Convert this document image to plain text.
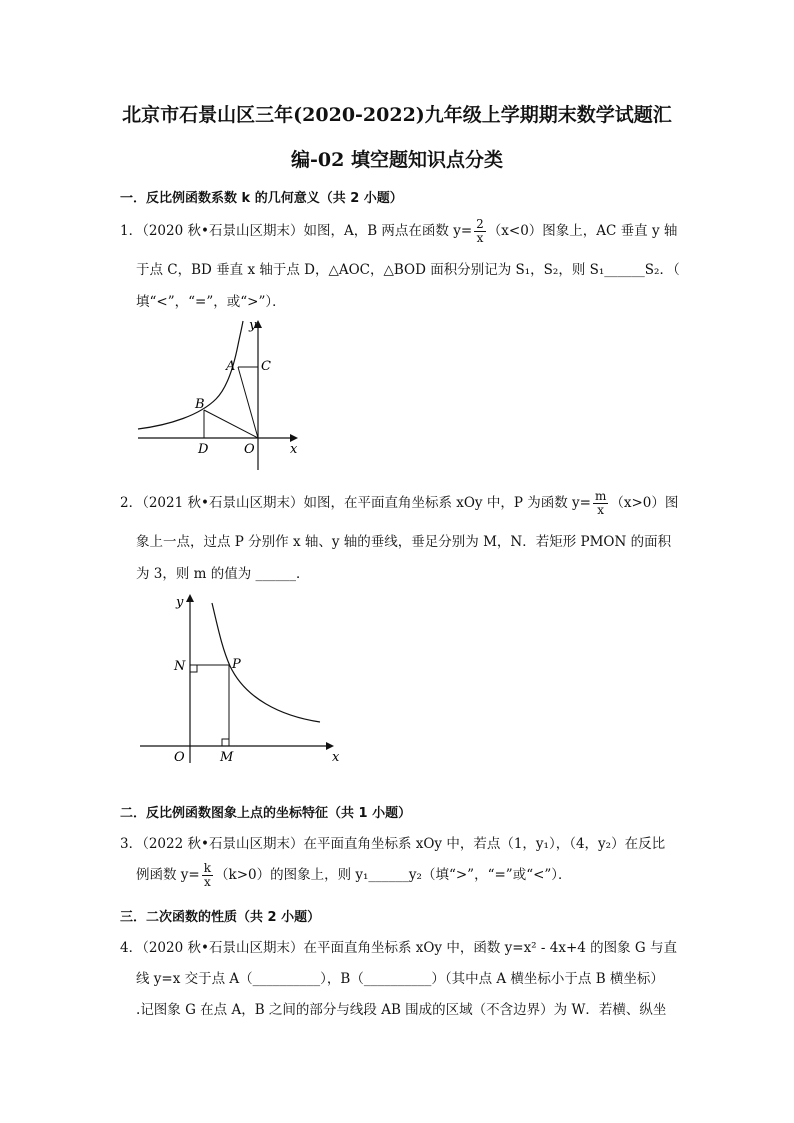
北京市石景山区三年(2020-2022)九年级上学期期末数学试题汇
编-02 填空题知识点分类
一．反比例函数系数 k 的几何意义（共 2 小题）
1．（2020 秋•石景山区期末）如图，A，B 两点在函数 $y= \frac{2}{x} (x<0)$图象上，AC 垂直 y 轴
于点 C，BD 垂直 x 轴于点 D，△AOC，△BOD 面积分别记为 S₁，S₂，则 S₁______S₂．（
填“<”，“=”，或“>”）．
A C
B
D	O	x
y
2．（2021 秋•石景山区期末）如图，在平面直角坐标系 xOy 中，P 为函数 $y= \frac{m}{x} (x>0)$图
象上一点，过点 P 分别作 x 轴、y 轴的垂线，垂足分别为 M，N．若矩形 PMON 的面积
为 3，则 m 的值为 ______．
P
N
M
O	x
y
二．反比例函数图象上点的坐标特征（共 1 小题）
3．（2022 秋•石景山区期末）在平面直角坐标系 xOy 中，若点（1，y₁），（4，y₂）在反比
例函数 $y= \frac{k}{x} (k>0)$的图象上，则 y₁______y₂（填“>”，“=”或“<”）．
三．二次函数的性质（共 2 小题）
4．（2020 秋•石景山区期末）在平面直角坐标系 xOy 中，函数 y=x² - 4x+4 的图象 G 与直
线 y=x 交于点 A（__________），B（__________）（其中点 A 横坐标小于点 B 横坐标）
.记图象 G 在点 A，B 之间的部分与线段 AB 围成的区域（不含边界）为 W．若横、纵坐
